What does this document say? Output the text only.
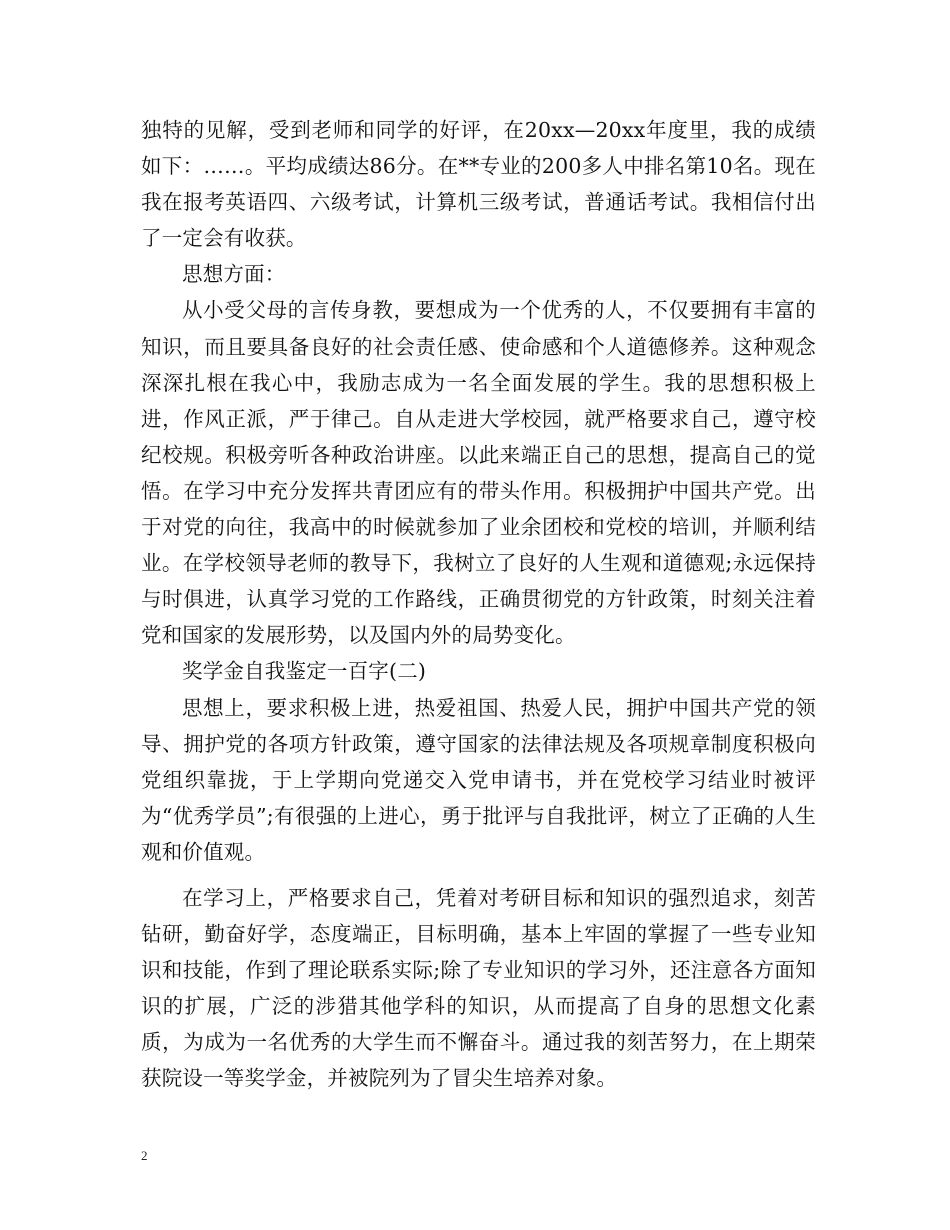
独特的见解，受到老师和同学的好评，在20xx—20xx年度里，我的成绩如下：……。平均成绩达86分。在**专业的200多人中排名第10名。现在我在报考英语四、六级考试，计算机三级考试，普通话考试。我相信付出了一定会有收获。

思想方面：

从小受父母的言传身教，要想成为一个优秀的人，不仅要拥有丰富的知识，而且要具备良好的社会责任感、使命感和个人道德修养。这种观念深深扎根在我心中，我励志成为一名全面发展的学生。我的思想积极上进，作风正派，严于律己。自从走进大学校园，就严格要求自己，遵守校纪校规。积极旁听各种政治讲座。以此来端正自己的思想，提高自己的觉悟。在学习中充分发挥共青团应有的带头作用。积极拥护中国共产党。出于对党的向往，我高中的时候就参加了业余团校和党校的培训，并顺利结业。在学校领导老师的教导下，我树立了良好的人生观和道德观;永远保持与时俱进，认真学习党的工作路线，正确贯彻党的方针政策，时刻关注着党和国家的发展形势，以及国内外的局势变化。

奖学金自我鉴定一百字(二)

思想上，要求积极上进，热爱祖国、热爱人民，拥护中国共产党的领导、拥护党的各项方针政策，遵守国家的法律法规及各项规章制度积极向党组织靠拢，于上学期向党递交入党申请书，并在党校学习结业时被评为“优秀学员”;有很强的上进心，勇于批评与自我批评，树立了正确的人生观和价值观。

在学习上，严格要求自己，凭着对考研目标和知识的强烈追求，刻苦钻研，勤奋好学，态度端正，目标明确，基本上牢固的掌握了一些专业知识和技能，作到了理论联系实际;除了专业知识的学习外，还注意各方面知识的扩展，广泛的涉猎其他学科的知识，从而提高了自身的思想文化素质，为成为一名优秀的大学生而不懈奋斗。通过我的刻苦努力，在上期荣获院设一等奖学金，并被院列为了冒尖生培养对象。

2
